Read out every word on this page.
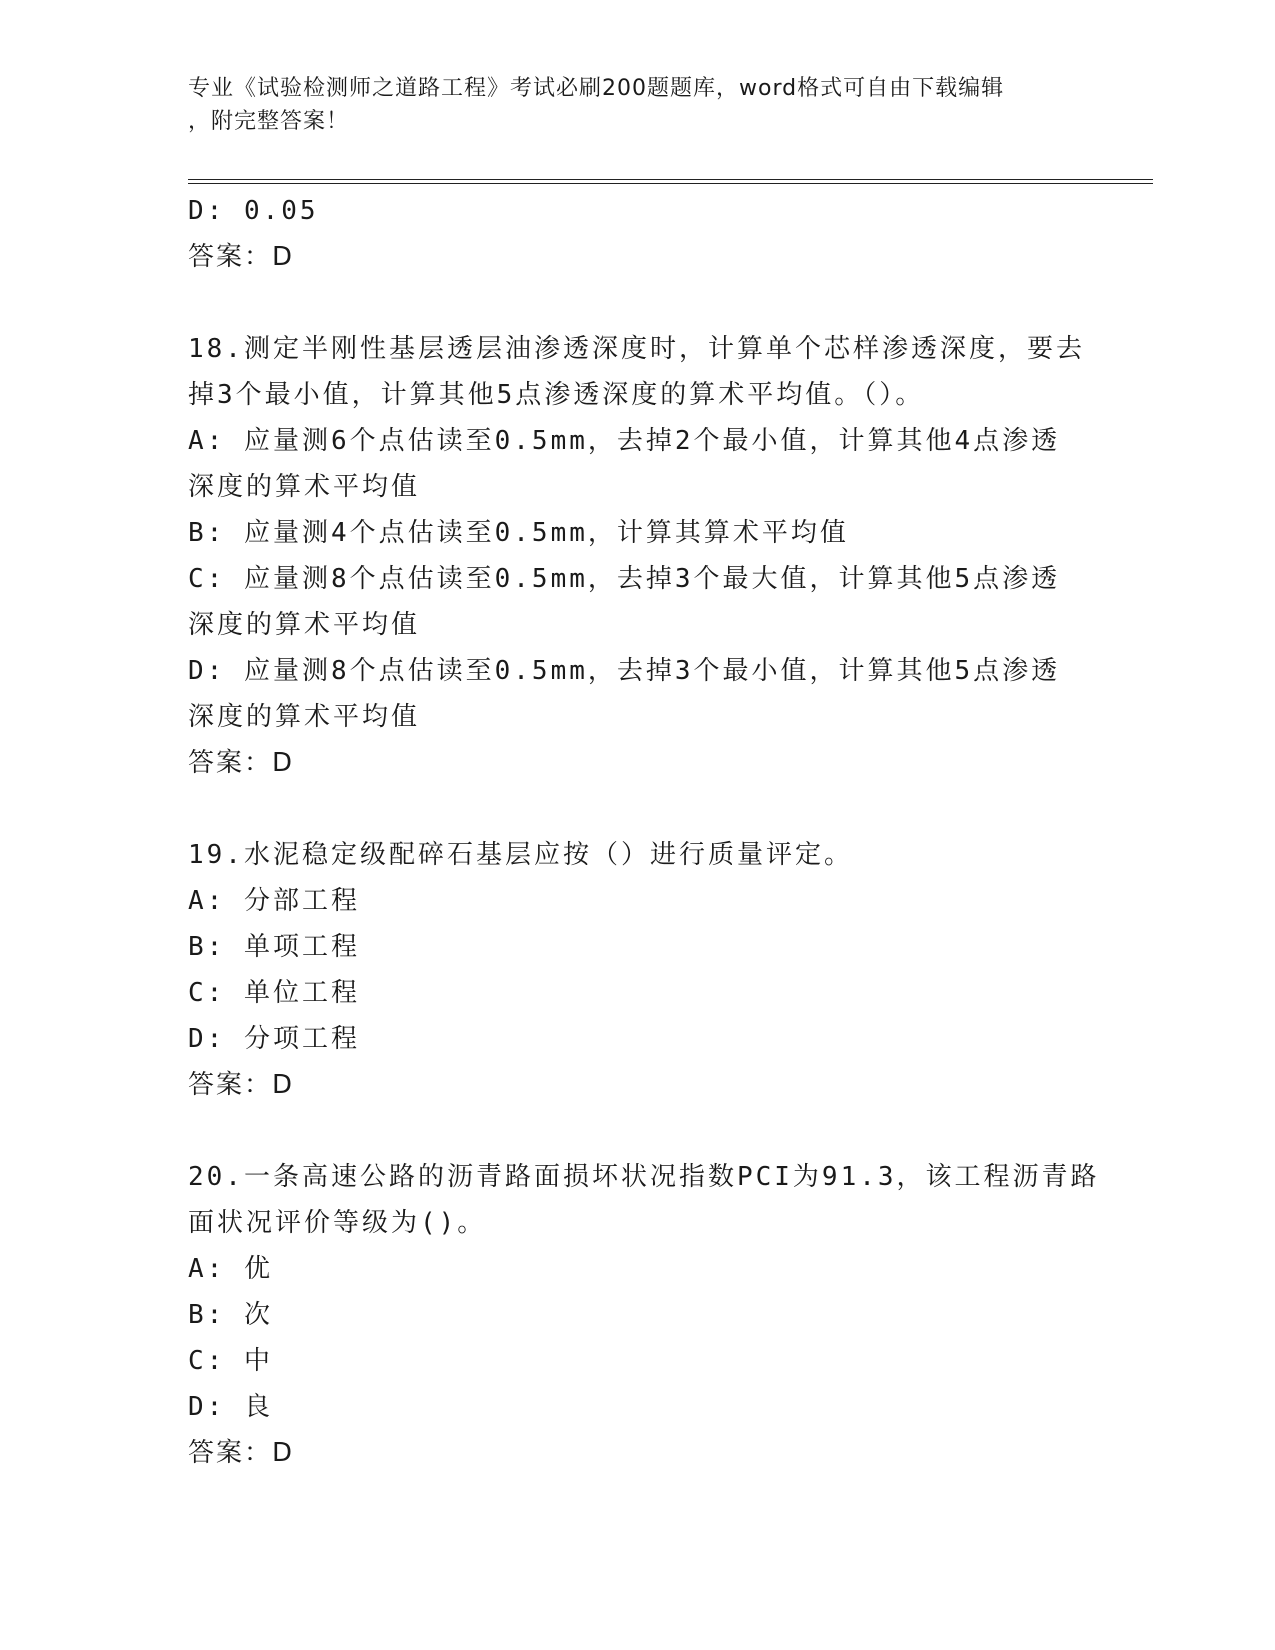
专业《试验检测师之道路工程》考试必刷200题题库，word格式可自由下载编辑
，附完整答案！
D: 0.05
答案：D
18.测定半刚性基层透层油渗透深度时，计算单个芯样渗透深度，要去
掉3个最小值，计算其他5点渗透深度的算术平均值。（）。
A: 应量测6个点估读至0.5mm，去掉2个最小值，计算其他4点渗透
深度的算术平均值
B: 应量测4个点估读至0.5mm，计算其算术平均值
C: 应量测8个点估读至0.5mm，去掉3个最大值，计算其他5点渗透
深度的算术平均值
D: 应量测8个点估读至0.5mm，去掉3个最小值，计算其他5点渗透
深度的算术平均值
答案：D
19.水泥稳定级配碎石基层应按（）进行质量评定。
A: 分部工程
B: 单项工程
C: 单位工程
D: 分项工程
答案：D
20.一条高速公路的沥青路面损坏状况指数PCI为91.3，该工程沥青路
面状况评价等级为()。
A: 优
B: 次
C: 中
D: 良
答案：D
